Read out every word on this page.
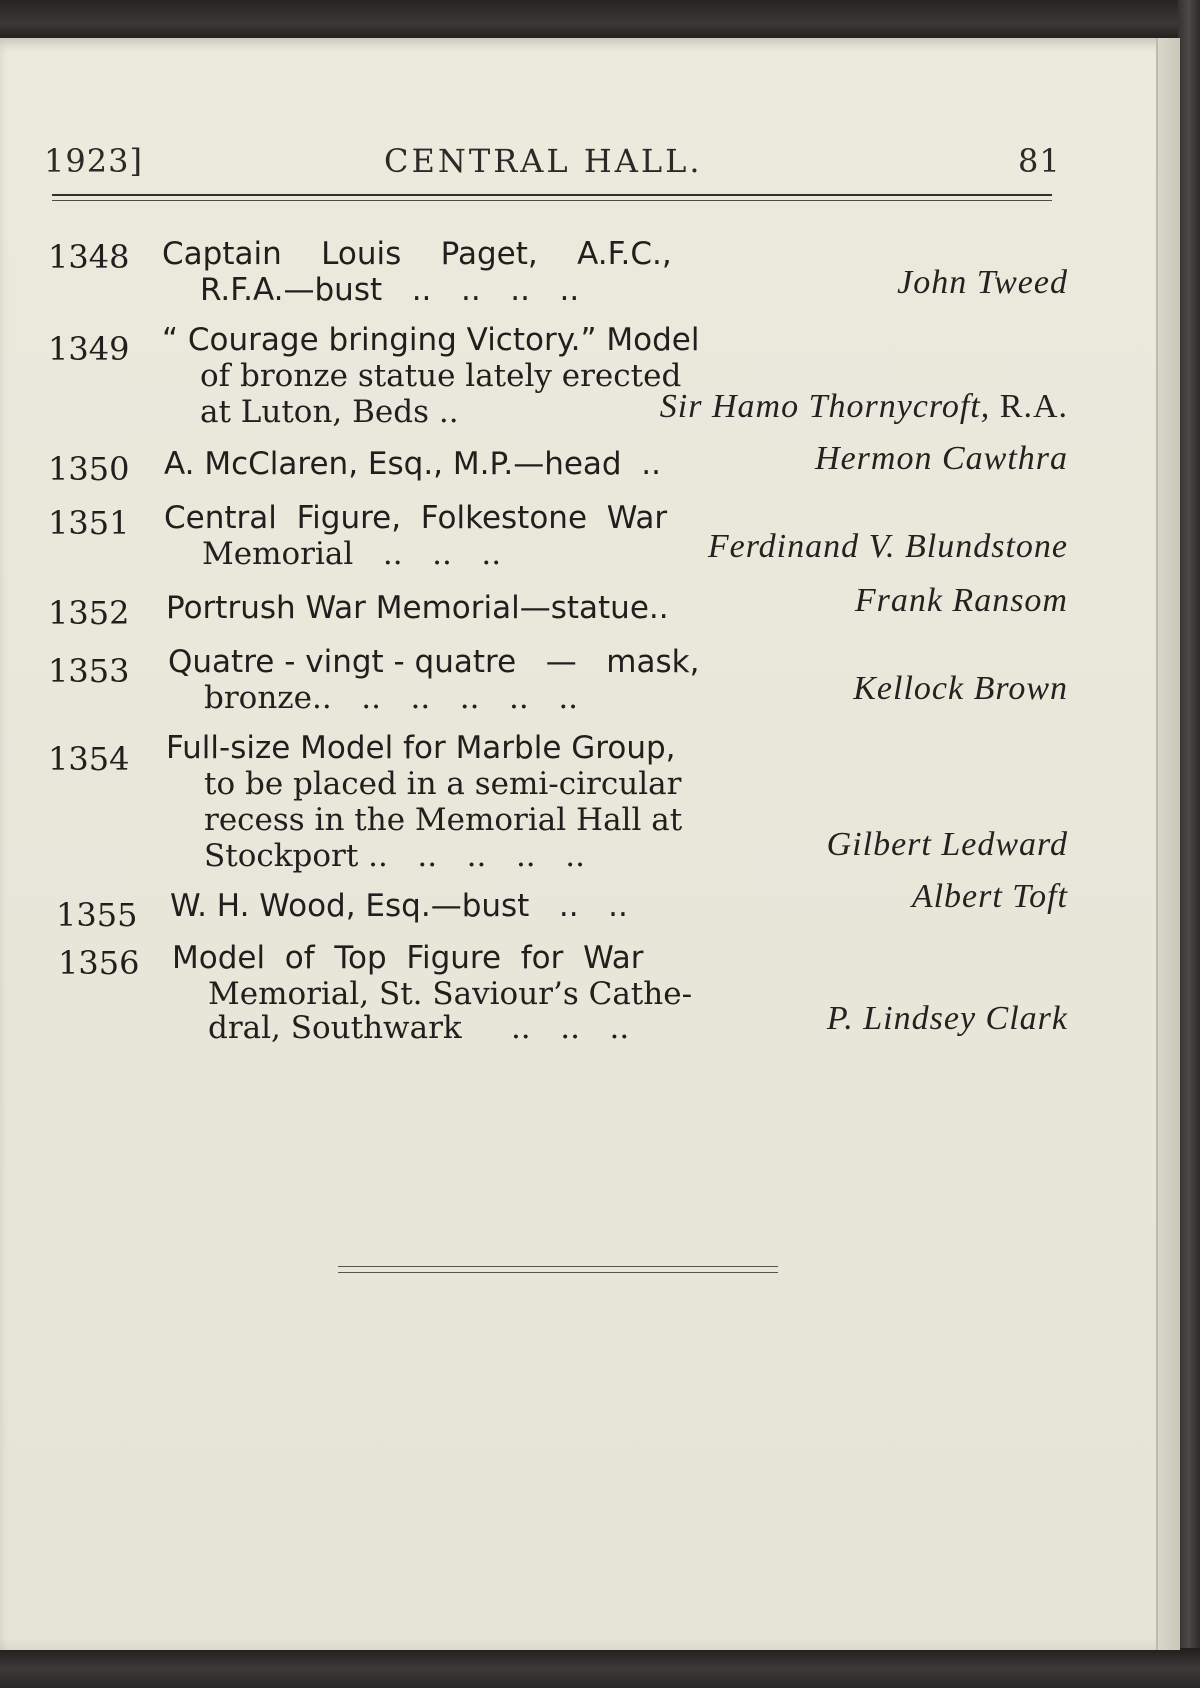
1923]	CENTRAL HALL.	81
1348 Captain    Louis    Paget,    A.F.C.,
R.F.A.—bust   ..   ..   ..   ..	John Tweed
1349 “ Courage bringing Victory.” Model
of bronze statue lately erected
at Luton, Beds ..	Sir Hamo Thornycroft, R.A.
1350 A. McClaren, Esq., M.P.—head  ..	Hermon Cawthra
1351 Central  Figure,  Folkestone  War
Memorial   ..   ..   ..	Ferdinand V. Blundstone
1352 Portrush War Memorial—statue..	Frank Ransom
1353 Quatre - vingt - quatre   —   mask,
bronze..   ..   ..   ..   ..   ..	Kellock Brown
1354 Full-size Model for Marble Group,
to be placed in a semi-circular
recess in the Memorial Hall at
Stockport ..   ..   ..   ..   ..	Gilbert Ledward
1355 W. H. Wood, Esq.—bust   ..   ..	Albert Toft
1356 Model  of  Top  Figure  for  War
Memorial, St. Saviour’s Cathe-
dral, Southwark     ..   ..   ..	P. Lindsey Clark
